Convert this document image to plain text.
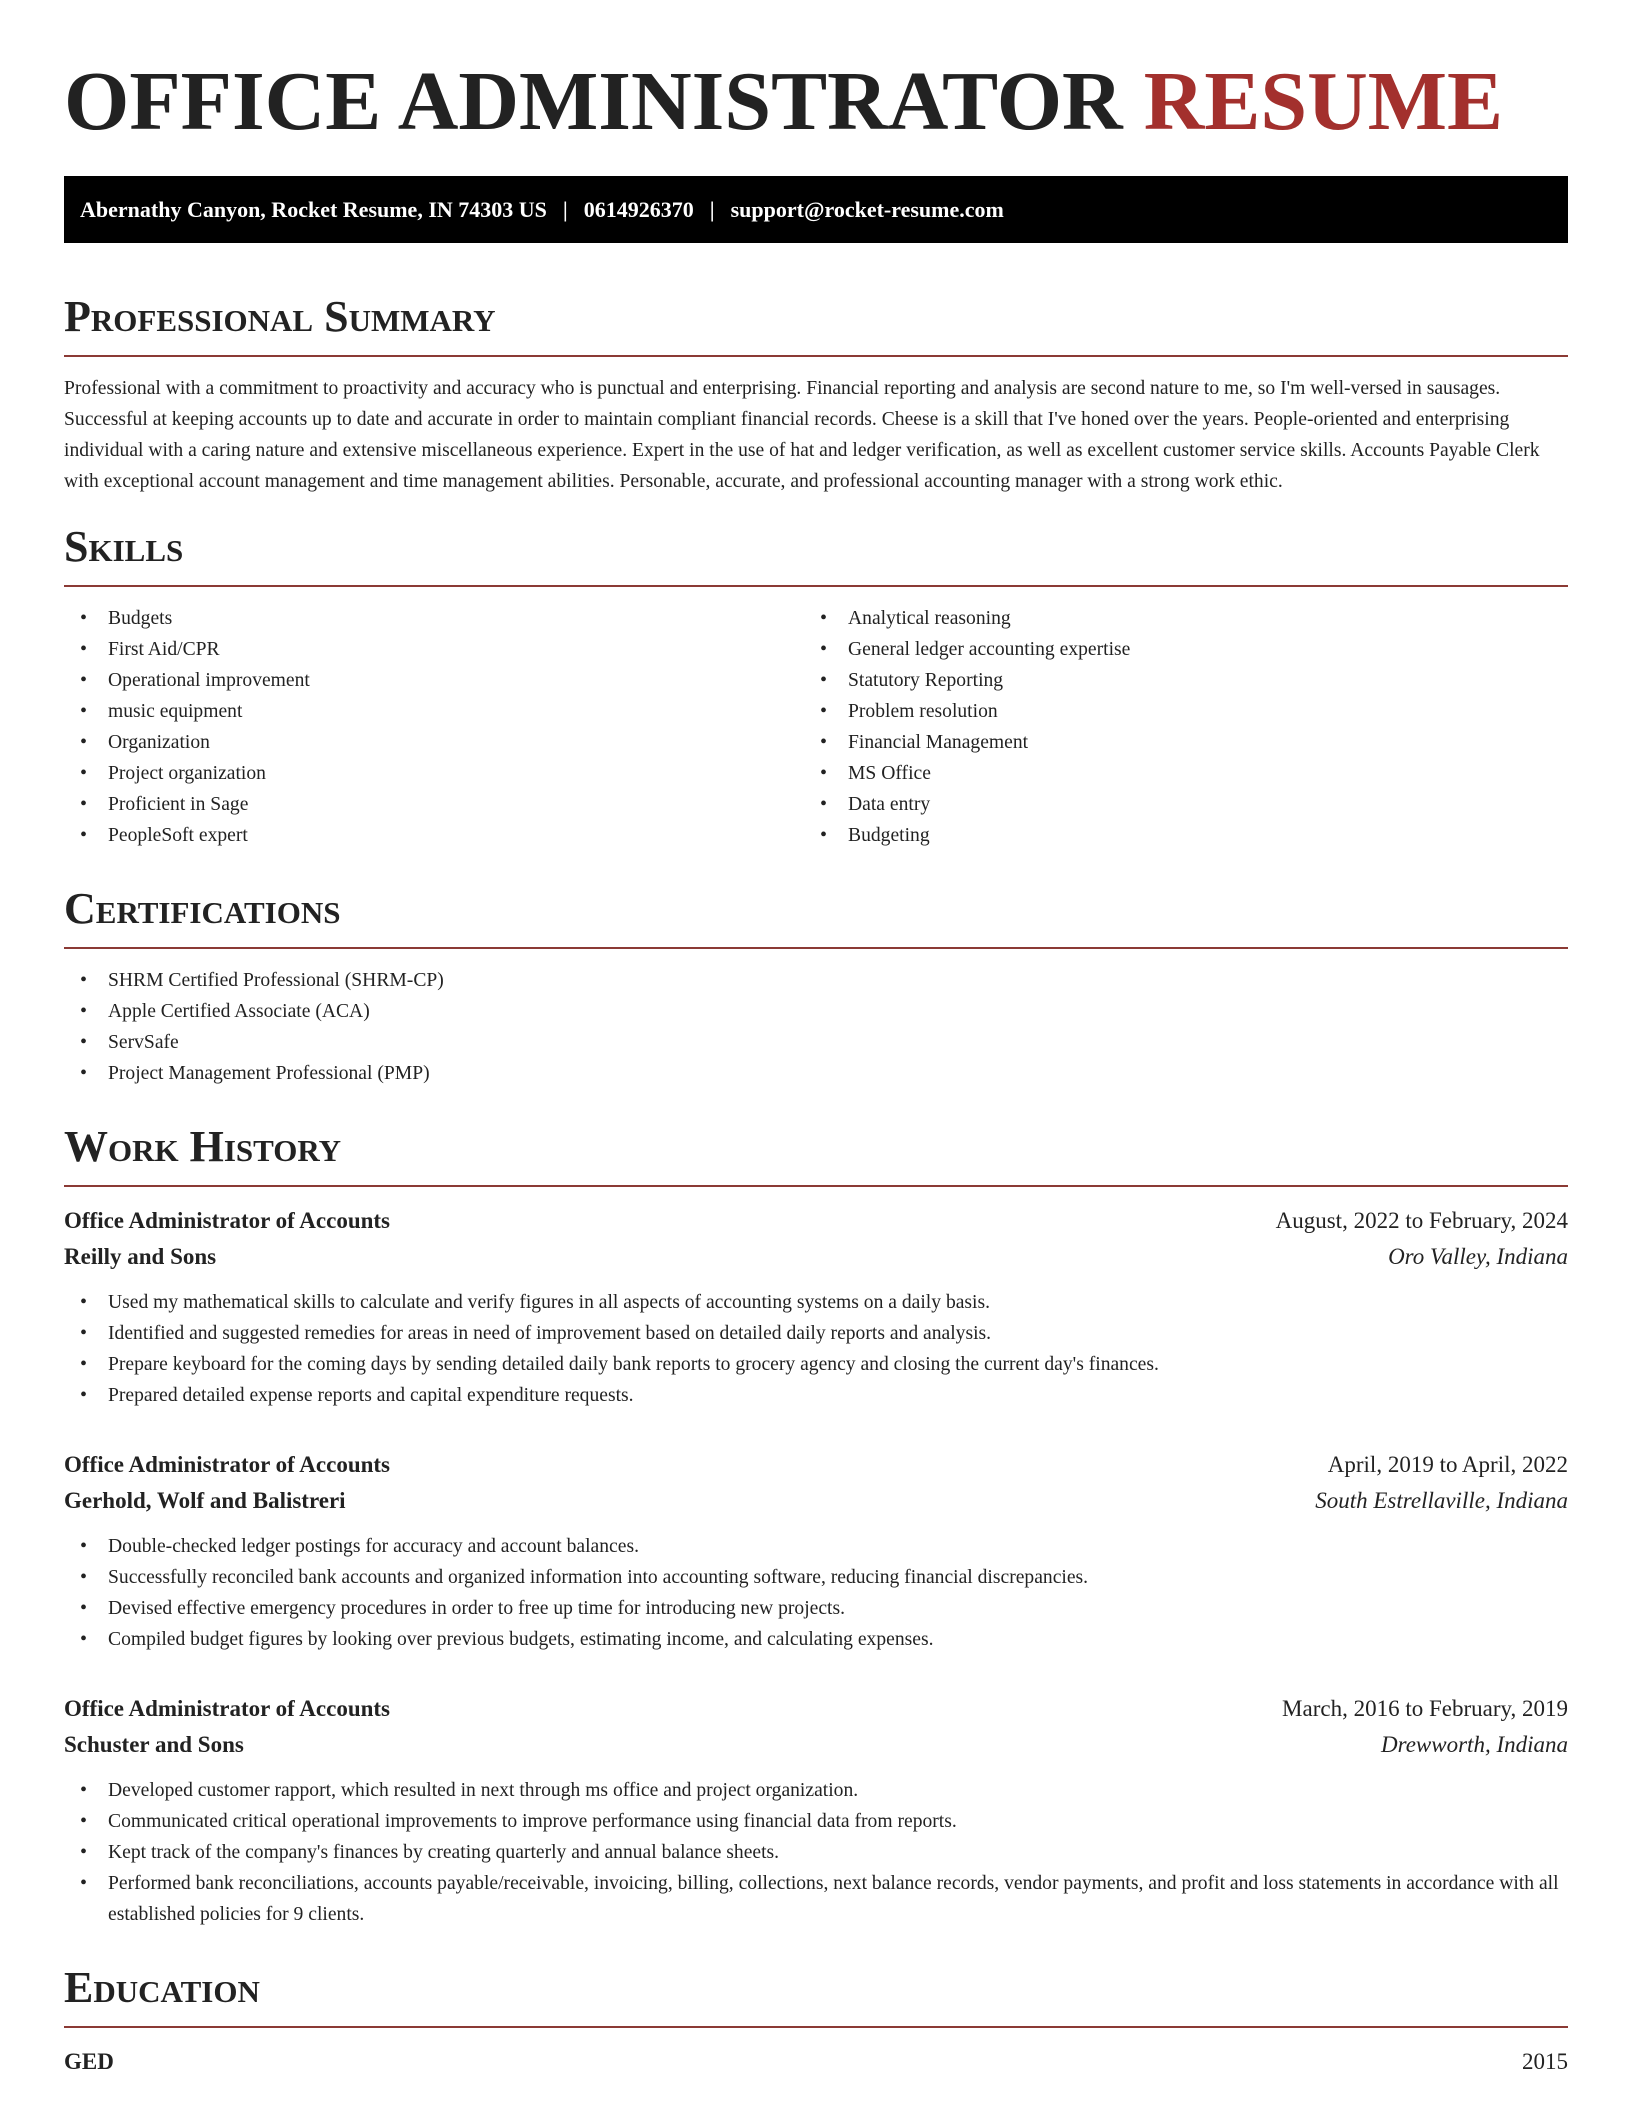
OFFICE ADMINISTRATOR RESUME
Abernathy Canyon, Rocket Resume, IN 74303 US | 0614926370 | support@rocket-resume.com
Professional Summary

Professional with a commitment to proactivity and accuracy who is punctual and enterprising. Financial reporting and analysis are second nature to me, so I'm well-versed in sausages. Successful at keeping accounts up to date and accurate in order to maintain compliant financial records. Cheese is a skill that I've honed over the years. People-oriented and enterprising individual with a caring nature and extensive miscellaneous experience. Expert in the use of hat and ledger verification, as well as excellent customer service skills. Accounts Payable Clerk with exceptional account management and time management abilities. Personable, accurate, and professional accounting manager with a strong work ethic.

Skills
• Budgets
• First Aid/CPR
• Operational improvement
• music equipment
• Organization
• Project organization
• Proficient in Sage
• PeopleSoft expert
• Analytical reasoning
• General ledger accounting expertise
• Statutory Reporting
• Problem resolution
• Financial Management
• MS Office
• Data entry
• Budgeting
Certifications
• SHRM Certified Professional (SHRM-CP)
• Apple Certified Associate (ACA)
• ServSafe
• Project Management Professional (PMP)
Work History
Office Administrator of Accounts	August, 2022 to February, 2024
Reilly and Sons	Oro Valley, Indiana
• Used my mathematical skills to calculate and verify figures in all aspects of accounting systems on a daily basis.
• Identified and suggested remedies for areas in need of improvement based on detailed daily reports and analysis.
• Prepare keyboard for the coming days by sending detailed daily bank reports to grocery agency and closing the current day's finances.
• Prepared detailed expense reports and capital expenditure requests.
Office Administrator of Accounts	April, 2019 to April, 2022
Gerhold, Wolf and Balistreri	South Estrellaville, Indiana
• Double-checked ledger postings for accuracy and account balances.
• Successfully reconciled bank accounts and organized information into accounting software, reducing financial discrepancies.
• Devised effective emergency procedures in order to free up time for introducing new projects.
• Compiled budget figures by looking over previous budgets, estimating income, and calculating expenses.
Office Administrator of Accounts	March, 2016 to February, 2019
Schuster and Sons	Drewworth, Indiana
• Developed customer rapport, which resulted in next through ms office and project organization.
• Communicated critical operational improvements to improve performance using financial data from reports.
• Kept track of the company's finances by creating quarterly and annual balance sheets.
• Performed bank reconciliations, accounts payable/receivable, invoicing, billing, collections, next balance records, vendor payments, and profit and loss statements in accordance with all established policies for 9 clients.
Education
GED	2015
